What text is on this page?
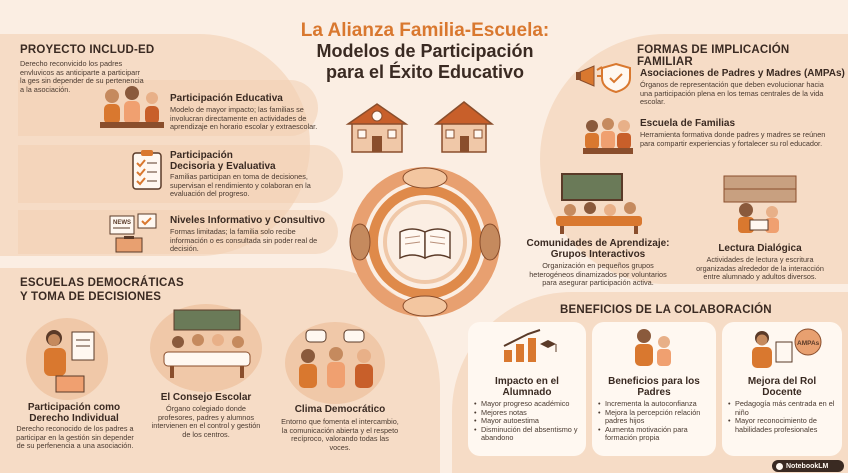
La Alianza Familia-Escuela:
Modelos de Participación
para el Éxito Educativo
PROYECTO INCLUD-ED
Derecho reconvicido los padres envluvicos as anticiparte a participarr la ges sin depender de su pertenencia a la asociación.
Participación Educativa
Modelo de mayor impacto; las familias se involucran directamente en actividades de aprendizaje en horario escolar y extraescolar.
Participación Decisoria y Evaluativa
Familias participan en toma de decisiones, supervisan el rendimiento y colaboran en la evaluación del progreso.
NEWS	Niveles Informativo y Consultivo
Formas limitadas; la familia solo recibe información o es consultada sin poder real de decisión.
FORMAS DE IMPLICACIÓN FAMILIAR
Asociaciones de Padres y Madres (AMPAs)
Órganos de representación que deben evolucionar hacia una participación plena en los temas centrales de la vida escolar.
Escuela de Familias
Herramienta formativa donde padres y madres se reúnen para compartir experiencias y fortalecer su rol educador.
Comunidades de Aprendizaje: Grupos Interactivos
Organización en pequeños grupos heterogéneos dinamizados por voluntarios para asegurar participación activa.
Lectura Dialógica
Actividades de lectura y escritura organizadas alrededor de la interacción entre alumnado y adultos diversos.
ESCUELAS DEMOCRÁTICAS
Y TOMA DE DECISIONES
Participación como Derecho Individual
Derecho reconocido de los padres a participar en la gestión sin depender de su perfenencia a una asociación.
El Consejo Escolar
Órgano colegiado donde profesores, padres y alumnos intervienen en el control y gestión de los centros.
Clima Democrático
Entorno que fomenta el intercambio, la comunicación abierta y el respeto recíproco, valorando todas las voces.
BENEFICIOS DE LA COLABORACIÓN
Impacto en el Alumnado
• Mayor progreso académico
• Mejores notas
• Mayor autoestima
• Disminución del absentismo y abandono
Beneficios para los Padres
• Incrementa la autoconfianza
• Mejora la percepción relación padres hijos
• Aumenta motivación para formación propia
AMPAs
Mejora del Rol Docente
• Pedagogía más centrada en el niño
• Mayor reconocimiento de habilidades profesionales
NotebookLM
